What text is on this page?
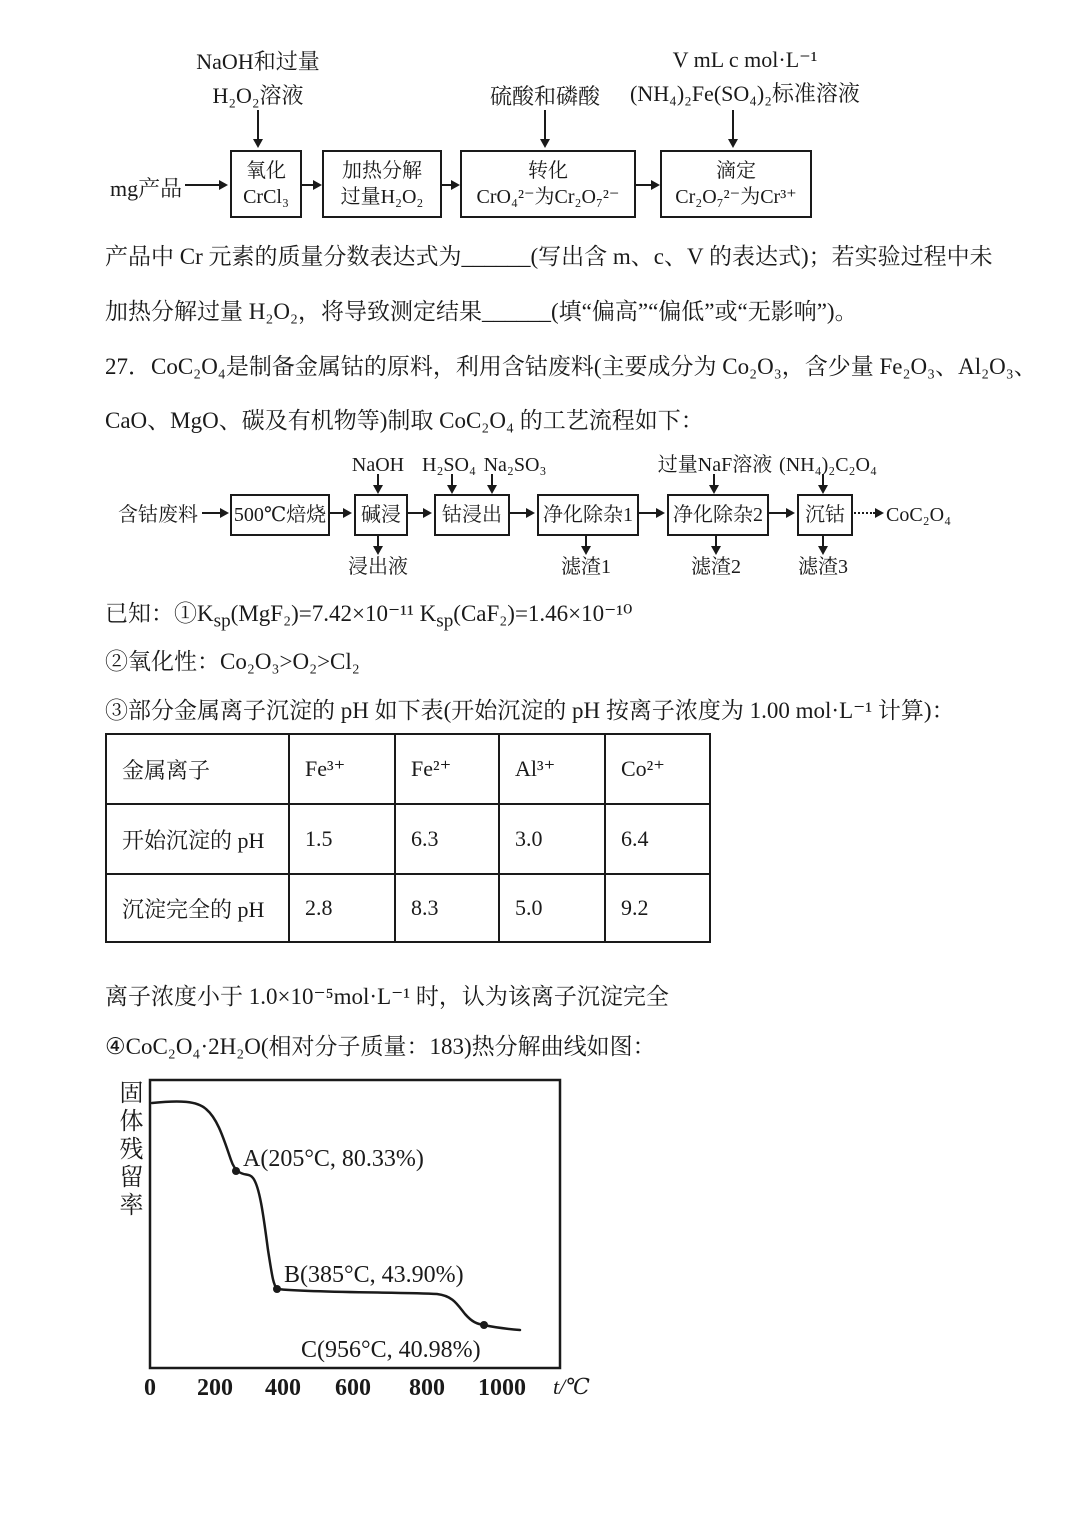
NaOH和过量
H₂O₂溶液	硫酸和磷酸
V mL c mol·L⁻¹
(NH₄)₂Fe(SO₄)₂标准溶液
mg产品
氧化
CrCl₃
加热分解
过量H₂O₂
转化
CrO₄²⁻为Cr₂O₇²⁻
滴定
Cr₂O₇²⁻为Cr³⁺
产品中 Cr 元素的质量分数表达式为______(写出含 m、c、V 的表达式)；若实验过程中未
加热分解过量 H₂O₂，将导致测定结果______(填“偏高”“偏低”或“无影响”)。
27．CoC₂O₄是制备金属钴的原料，利用含钴废料(主要成分为 Co₂O₃，含少量 Fe₂O₃、Al₂O₃、
CaO、MgO、碳及有机物等)制取 CoC₂O₄ 的工艺流程如下：
NaOH H₂SO₄ Na₂SO₃	过量NaF溶液 (NH₄)₂C₂O₄
含钴废料 500℃焙烧 碱浸 钴浸出 净化除杂1 净化除杂2 沉钴 CoC₂O₄
浸出液	滤渣1	滤渣2	滤渣3
已知：$①K_{sp}(MgF_2)=7.42\times 10^{-11}$ $K_{sp}(CaF_2)=1.46\times 10^{-10}$
②氧化性：Co₂O₃>O₂>Cl₂
③部分金属离子沉淀的 pH 如下表(开始沉淀的 pH 按离子浓度为 1.00 mol·L⁻¹ 计算)：
金属离子	Fe³⁺	Fe²⁺	Al³⁺	Co²⁺
开始沉淀的 pH	1.5	6.3	3.0	6.4
沉淀完全的 pH	2.8	8.3	5.0	9.2
离子浓度小于 1.0×10⁻⁵mol·L⁻¹ 时，认为该离子沉淀完全
④CoC₂O₄·2H₂O(相对分子质量：183)热分解曲线如图：
固体残留率	A(205°C, 80.33%)
B(385°C, 43.90%)
C(956°C, 40.98%)
0 200 400 600 800 1000 t/℃
